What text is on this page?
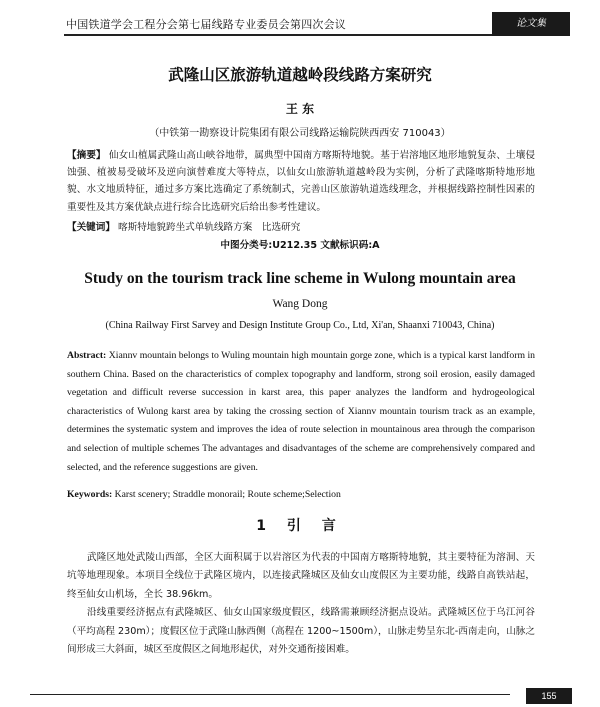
中国铁道学会工程分会第七届线路专业委员会第四次会议	论文集
武隆山区旅游轨道越岭段线路方案研究
王 东
（中铁第一勘察设计院集团有限公司线路运输院陕西西安 710043）
【摘要】 仙女山植属武隆山高山峡谷地带，属典型中国南方喀斯特地貌。基于岩溶地区地形地貌复杂、土壤侵蚀强、植被易受破坏及逆向演替难度大等特点，以仙女山旅游轨道越岭段为实例，分析了武隆喀斯特地形地貌、水文地质特征，通过多方案比选确定了系统制式，完善山区旅游轨道选线理念，并根据线路控制性因素的重要性及其方案优缺点进行综合比选研究后给出参考性建议。
【关键词】 喀斯特地貌跨坐式单轨线路方案　比选研究
中图分类号:U212.35 文献标识码:A
Study on the tourism track line scheme in Wulong mountain area
Wang Dong
(China Railway First Sarvey and Design Institute Group Co., Ltd, Xi'an, Shaanxi 710043, China)
Abstract: Xiannv mountain belongs to Wuling mountain high mountain gorge zone, which is a typical karst landform in southern China. Based on the characteristics of complex topography and landform, strong soil erosion, easily damaged vegetation and difficult reverse succession in karst area, this paper analyzes the landform and hydrogeological characteristics of Wulong karst area by taking the crossing section of Xiannv mountain tourism track as an example, determines the systematic system and improves the idea of route selection in mountainous area through the comparison and selection of multiple schemes The advantages and disadvantages of the scheme are comprehensively compared and selected, and the reference suggestions are given.
Keywords: Karst scenery; Straddle monorail; Route scheme;Selection
1 引 言

武隆区地处武陵山西部，全区大面积属于以岩溶区为代表的中国南方喀斯特地貌，其主要特征为溶洞、天坑等地理现象。本项目全线位于武隆区境内，以连接武隆城区及仙女山度假区为主要功能，线路自高铁站起，终至仙女山机场，全长 38.96km。

沿线重要经济据点有武隆城区、仙女山国家级度假区，线路需兼顾经济据点设站。武隆城区位于乌江河谷（平均高程 230m）；度假区位于武隆山脉西侧（高程在 1200~1500m），山脉走势呈东北-西南走向，山脉之间形成三大斜面，城区至度假区之间地形起伏，对外交通衔接困难。

155
